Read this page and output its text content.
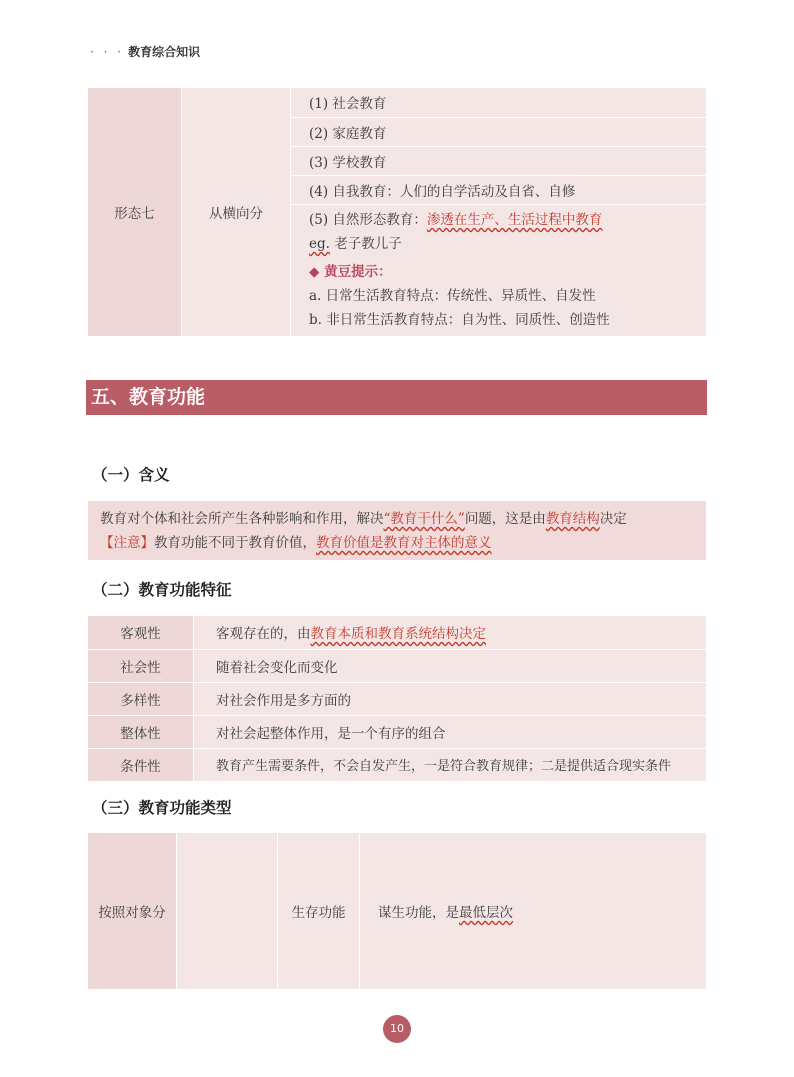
· · · 教育综合知识
形态七	从横向分	(1) 社会教育
(2) 家庭教育
(3) 学校教育
(4) 自我教育：人们的自学活动及自省、自修

(5) 自然形态教育：渗透在生产、生活过程中教育
eg. 老子教儿子
◆ 黄豆提示：
a. 日常生活教育特点：传统性、异质性、自发性
b. 非日常生活教育特点：自为性、同质性、创造性
五、教育功能
（一）含义
教育对个体和社会所产生各种影响和作用，解决“教育干什么”问题，这是由教育结构决定
【注意】教育功能不同于教育价值，教育价值是教育对主体的意义
（二）教育功能特征
客观性	客观存在的，由教育本质和教育系统结构决定
社会性	随着社会变化而变化
多样性	对社会作用是多方面的
整体性	对社会起整体作用，是一个有序的组合
条件性	教育产生需要条件，不会自发产生，一是符合教育规律；二是提供适合现实条件
（三）教育功能类型
按照对象分		生存功能	谋生功能，是最低层次
10
